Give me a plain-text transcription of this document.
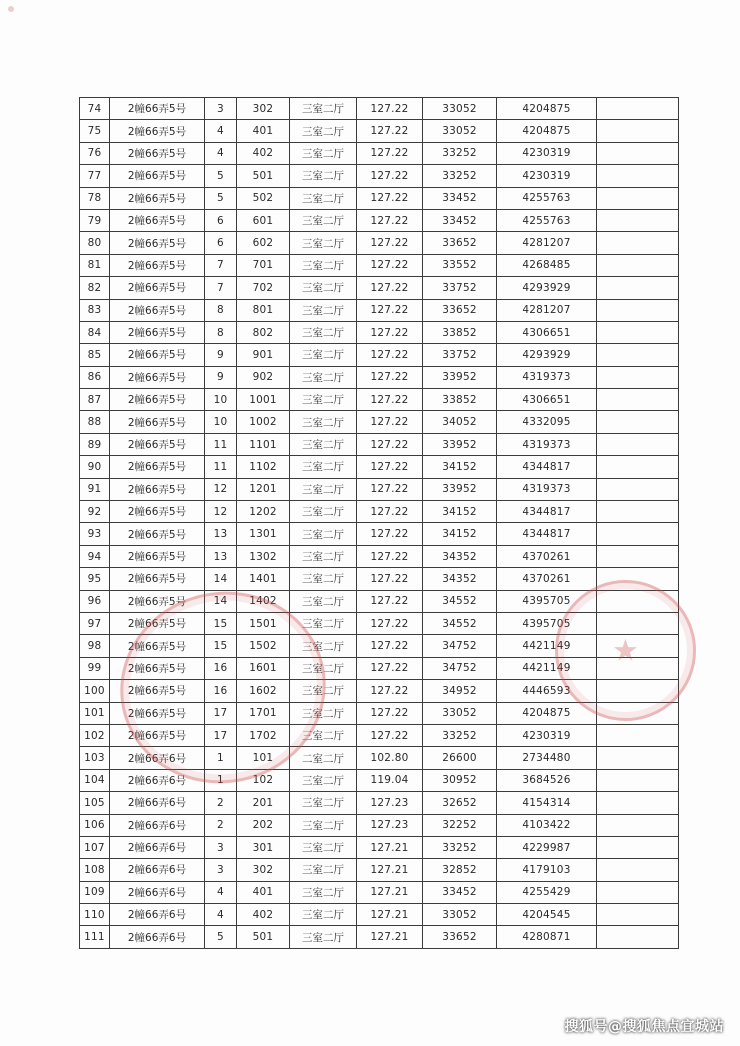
74	2幢66弄5号	3	302	三室二厅	127.22	33052	4204875	
75	2幢66弄5号	4	401	三室二厅	127.22	33052	4204875	
76	2幢66弄5号	4	402	三室二厅	127.22	33252	4230319	
77	2幢66弄5号	5	501	三室二厅	127.22	33252	4230319	
78	2幢66弄5号	5	502	三室二厅	127.22	33452	4255763	
79	2幢66弄5号	6	601	三室二厅	127.22	33452	4255763	
80	2幢66弄5号	6	602	三室二厅	127.22	33652	4281207	
81	2幢66弄5号	7	701	三室二厅	127.22	33552	4268485	
82	2幢66弄5号	7	702	三室二厅	127.22	33752	4293929	
83	2幢66弄5号	8	801	三室二厅	127.22	33652	4281207	
84	2幢66弄5号	8	802	三室二厅	127.22	33852	4306651	
85	2幢66弄5号	9	901	三室二厅	127.22	33752	4293929	
86	2幢66弄5号	9	902	三室二厅	127.22	33952	4319373	
87	2幢66弄5号	10	1001	三室二厅	127.22	33852	4306651	
88	2幢66弄5号	10	1002	三室二厅	127.22	34052	4332095	
89	2幢66弄5号	11	1101	三室二厅	127.22	33952	4319373	
90	2幢66弄5号	11	1102	三室二厅	127.22	34152	4344817	
91	2幢66弄5号	12	1201	三室二厅	127.22	33952	4319373	
92	2幢66弄5号	12	1202	三室二厅	127.22	34152	4344817	
93	2幢66弄5号	13	1301	三室二厅	127.22	34152	4344817	
94	2幢66弄5号	13	1302	三室二厅	127.22	34352	4370261	
95	2幢66弄5号	14	1401	三室二厅	127.22	34352	4370261	
96	2幢66弄5号	14	1402	三室二厅	127.22	34552	4395705	
97	2幢66弄5号	15	1501	三室二厅	127.22	34552	4395705	
98	2幢66弄5号	15	1502	三室二厅	127.22	34752	4421149	
99	2幢66弄5号	16	1601	三室二厅	127.22	34752	4421149	
100	2幢66弄5号	16	1602	三室二厅	127.22	34952	4446593	
101	2幢66弄5号	17	1701	三室二厅	127.22	33052	4204875	
102	2幢66弄5号	17	1702	三室二厅	127.22	33252	4230319	
103	2幢66弄6号	1	101	二室二厅	102.80	26600	2734480	
104	2幢66弄6号	1	102	三室二厅	119.04	30952	3684526	
105	2幢66弄6号	2	201	三室二厅	127.23	32652	4154314	
106	2幢66弄6号	2	202	三室二厅	127.23	32252	4103422	
107	2幢66弄6号	3	301	三室二厅	127.21	33252	4229987	
108	2幢66弄6号	3	302	三室二厅	127.21	32852	4179103	
109	2幢66弄6号	4	401	三室二厅	127.21	33452	4255429	
110	2幢66弄6号	4	402	三室二厅	127.21	33052	4204545	
111	2幢66弄6号	5	501	三室二厅	127.21	33652	4280871	
★
搜狐号@搜狐焦点宜城站
